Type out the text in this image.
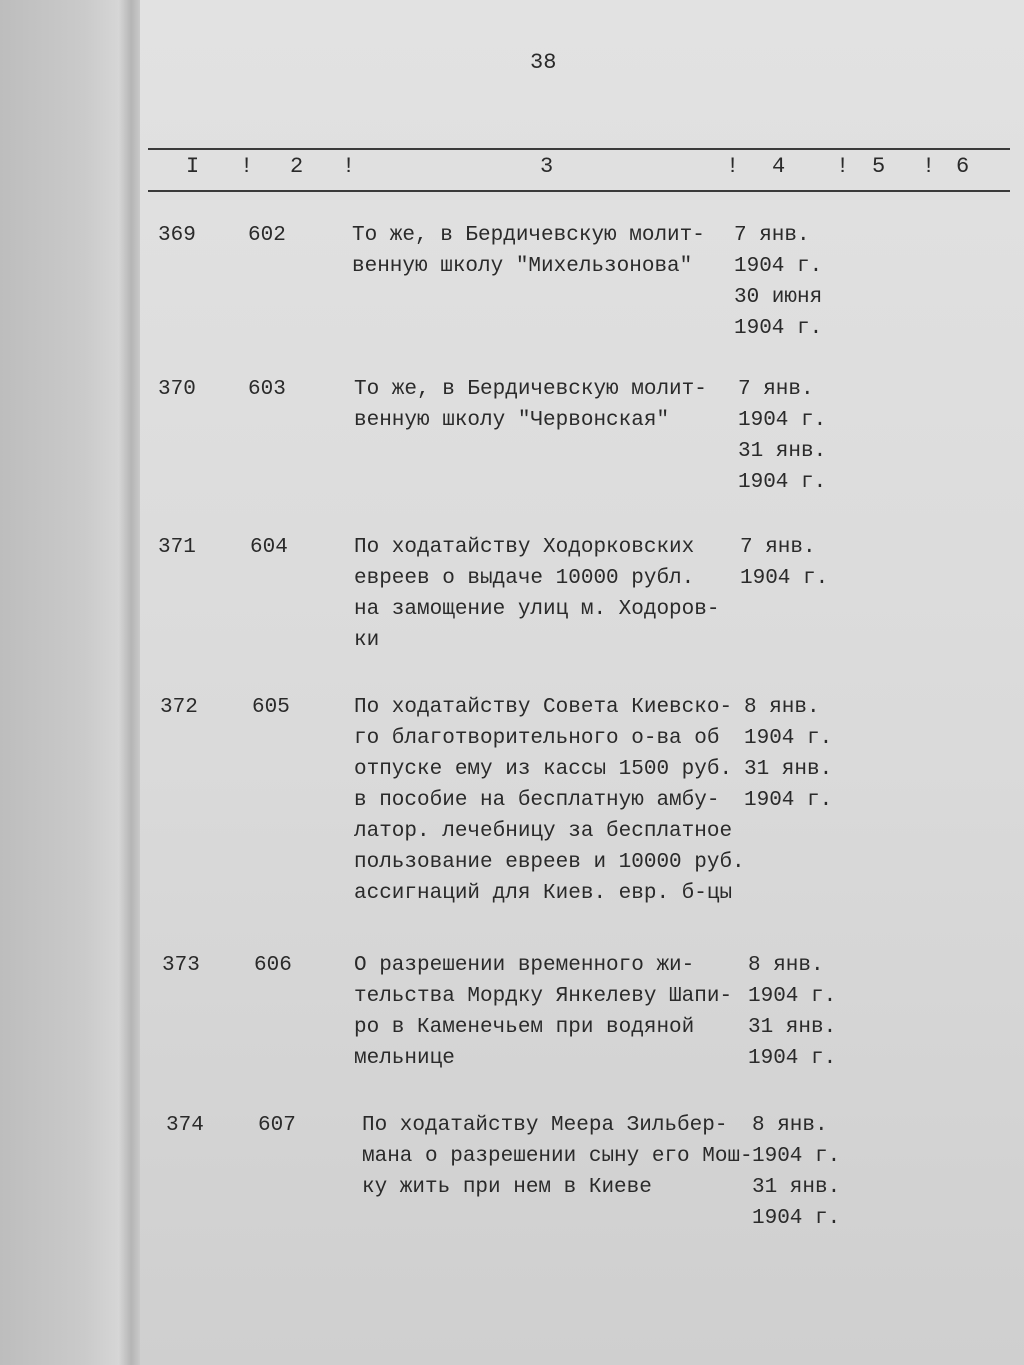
38
I ! 2 !	3	! 4 ! 5 ! 6
369 602	То же, в Бердичевскую молит-
венную школу "Михельзонова"
7 янв.
1904 г.
30 июня
1904 г.
370 603	То же, в Бердичевскую молит-
венную школу "Червонская"
7 янв.
1904 г.
31 янв.
1904 г.
371	604	По ходатайству Ходорковских
евреев о выдаче 10000 рубл.
на замощение улиц м. Ходоров-
ки
7 янв.
1904 г.
372	605	По ходатайству Совета Киевско-
го благотворительного о-ва об
отпуске ему из кассы 1500 руб.
в пособие на бесплатную амбу-
латор. лечебницу за бесплатное
пользование евреев и 10000 руб.
ассигнаций для Киев. евр. б-цы
8 янв.
1904 г.
31 янв.
1904 г.
373	606	О разрешении временного жи-
тельства Мордку Янкелеву Шапи-
ро в Каменечьем при водяной
мельнице
8 янв.
1904 г.
31 янв.
1904 г.
374	607	По ходатайству Меера Зильбер-
мана о разрешении сыну его Мош-
ку жить при нем в Киеве
8 янв.
1904 г.
31 янв.
1904 г.
